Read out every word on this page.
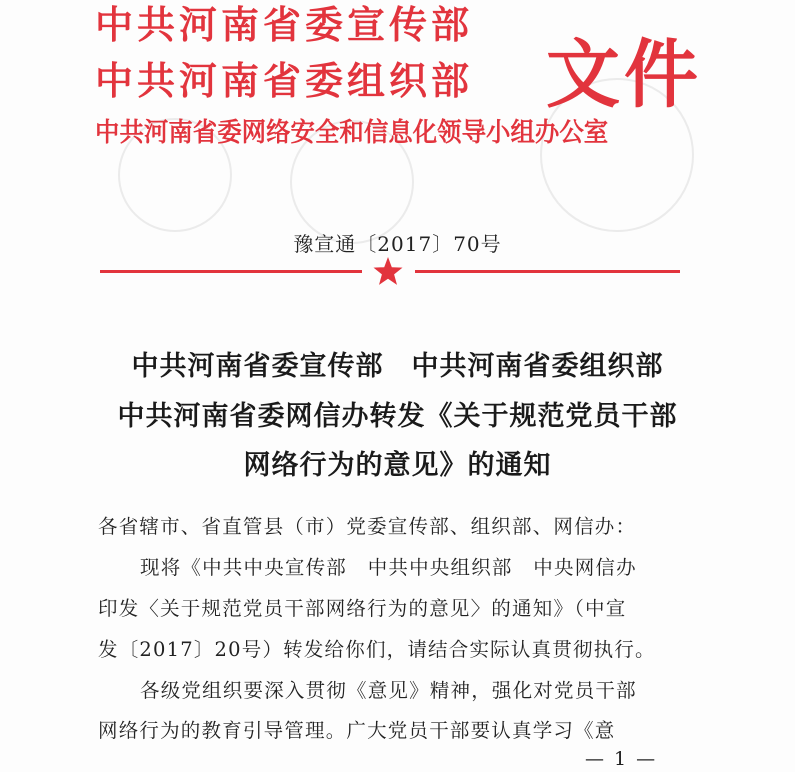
中共河南省委宣传部
中共河南省委组织部
中共河南省委网络安全和信息化领导小组办公室
文件
豫宣通〔2017〕70号
中共河南省委宣传部　中共河南省委组织部
中共河南省委网信办转发《关于规范党员干部
网络行为的意见》的通知
各省辖市、省直管县（市）党委宣传部、组织部、网信办：
现将《中共中央宣传部　中共中央组织部　中央网信办
印发〈关于规范党员干部网络行为的意见〉的通知》（中宣
发〔2017〕20号）转发给你们，请结合实际认真贯彻执行。
各级党组织要深入贯彻《意见》精神，强化对党员干部
网络行为的教育引导管理。广大党员干部要认真学习《意
— 1 —
